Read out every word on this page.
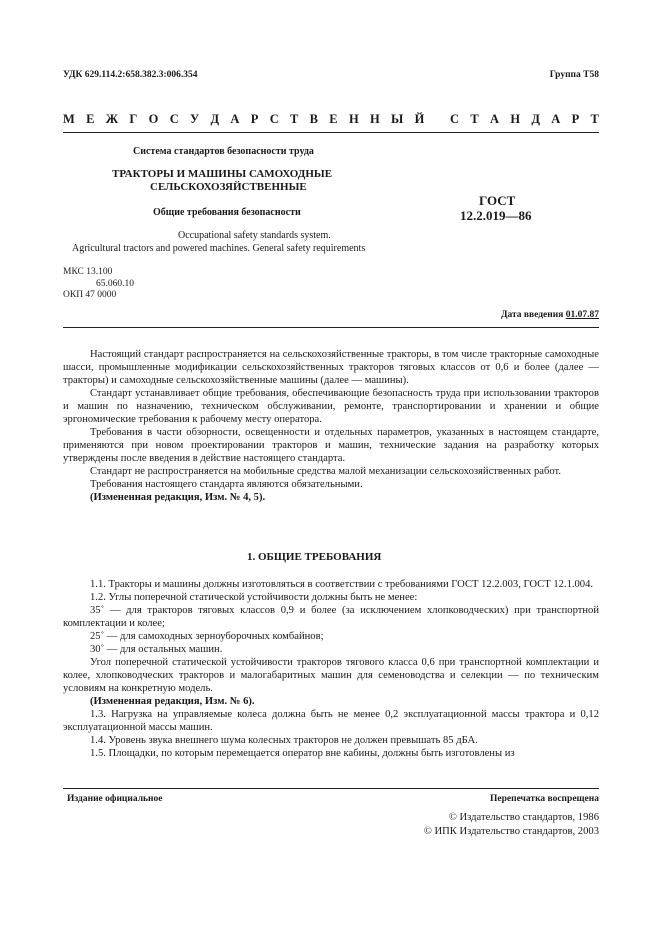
УДК 629.114.2:658.382.3:006.354	Группа Т58
М Е Ж Г О С У Д А Р С Т В Е Н Н Ы Й
С Т А Н Д А Р Т
Система стандартов безопасности труда
ТРАКТОРЫ И МАШИНЫ САМОХОДНЫЕ
СЕЛЬСКОХОЗЯЙСТВЕННЫЕ
Общие требования безопасности
ГОСТ
12.2.019—86
Occupational safety standards system.
Agricultural tractors and powered machines. General safety requirements
МКС 13.100
65.060.10
ОКП 47 0000
Дата введения 01.07.87

Настоящий стандарт распространяется на сельскохозяйственные тракторы, в том числе тракторные самоходные шасси, промышленные модификации сельскохозяйственных тракторов тяговых классов от 0,6 и более (далее — тракторы) и самоходные сельскохозяйственные машины (далее — машины).

Стандарт устанавливает общие требования, обеспечивающие безопасность труда при использовании тракторов и машин по назначению, техническом обслуживании, ремонте, транспортировании и хранении и общие эргономические требования к рабочему месту оператора.

Требования в части обзорности, освещенности и отдельных параметров, указанных в настоящем стандарте, применяются при новом проектировании тракторов и машин, технические задания на разработку которых утверждены после введения в действие настоящего стандарта.

Стандарт не распространяется на мобильные средства малой механизации сельскохозяйственных работ.

Требования настоящего стандарта являются обязательными.

(Измененная редакция, Изм. № 4, 5).

1. ОБЩИЕ ТРЕБОВАНИЯ

1.1. Тракторы и машины должны изготовляться в соответствии с требованиями ГОСТ 12.2.003, ГОСТ 12.1.004.

1.2. Углы поперечной статической устойчивости должны быть не менее:

35˚ — для тракторов тяговых классов 0,9 и более (за исключением хлопководческих) при транспортной комплектации и колее;

25˚ — для самоходных зерноуборочных комбайнов;

30˚ — для остальных машин.

Угол поперечной статической устойчивости тракторов тягового класса 0,6 при транспортной комплектации и колее, хлопководческих тракторов и малогабаритных машин для семеноводства и селекции — по техническим условиям на конкретную модель.

(Измененная редакция, Изм. № 6).

1.3. Нагрузка на управляемые колеса должна быть не менее 0,2 эксплуатационной массы трактора и 0,12 эксплуатационной массы машин.

1.4. Уровень звука внешнего шума колесных тракторов не должен превышать 85 дБА.

1.5. Площадки, по которым перемещается оператор вне кабины, должны быть изготовлены из

Издание официальное	Перепечатка воспрещена
© Издательство стандартов, 1986
© ИПК Издательство стандартов, 2003
